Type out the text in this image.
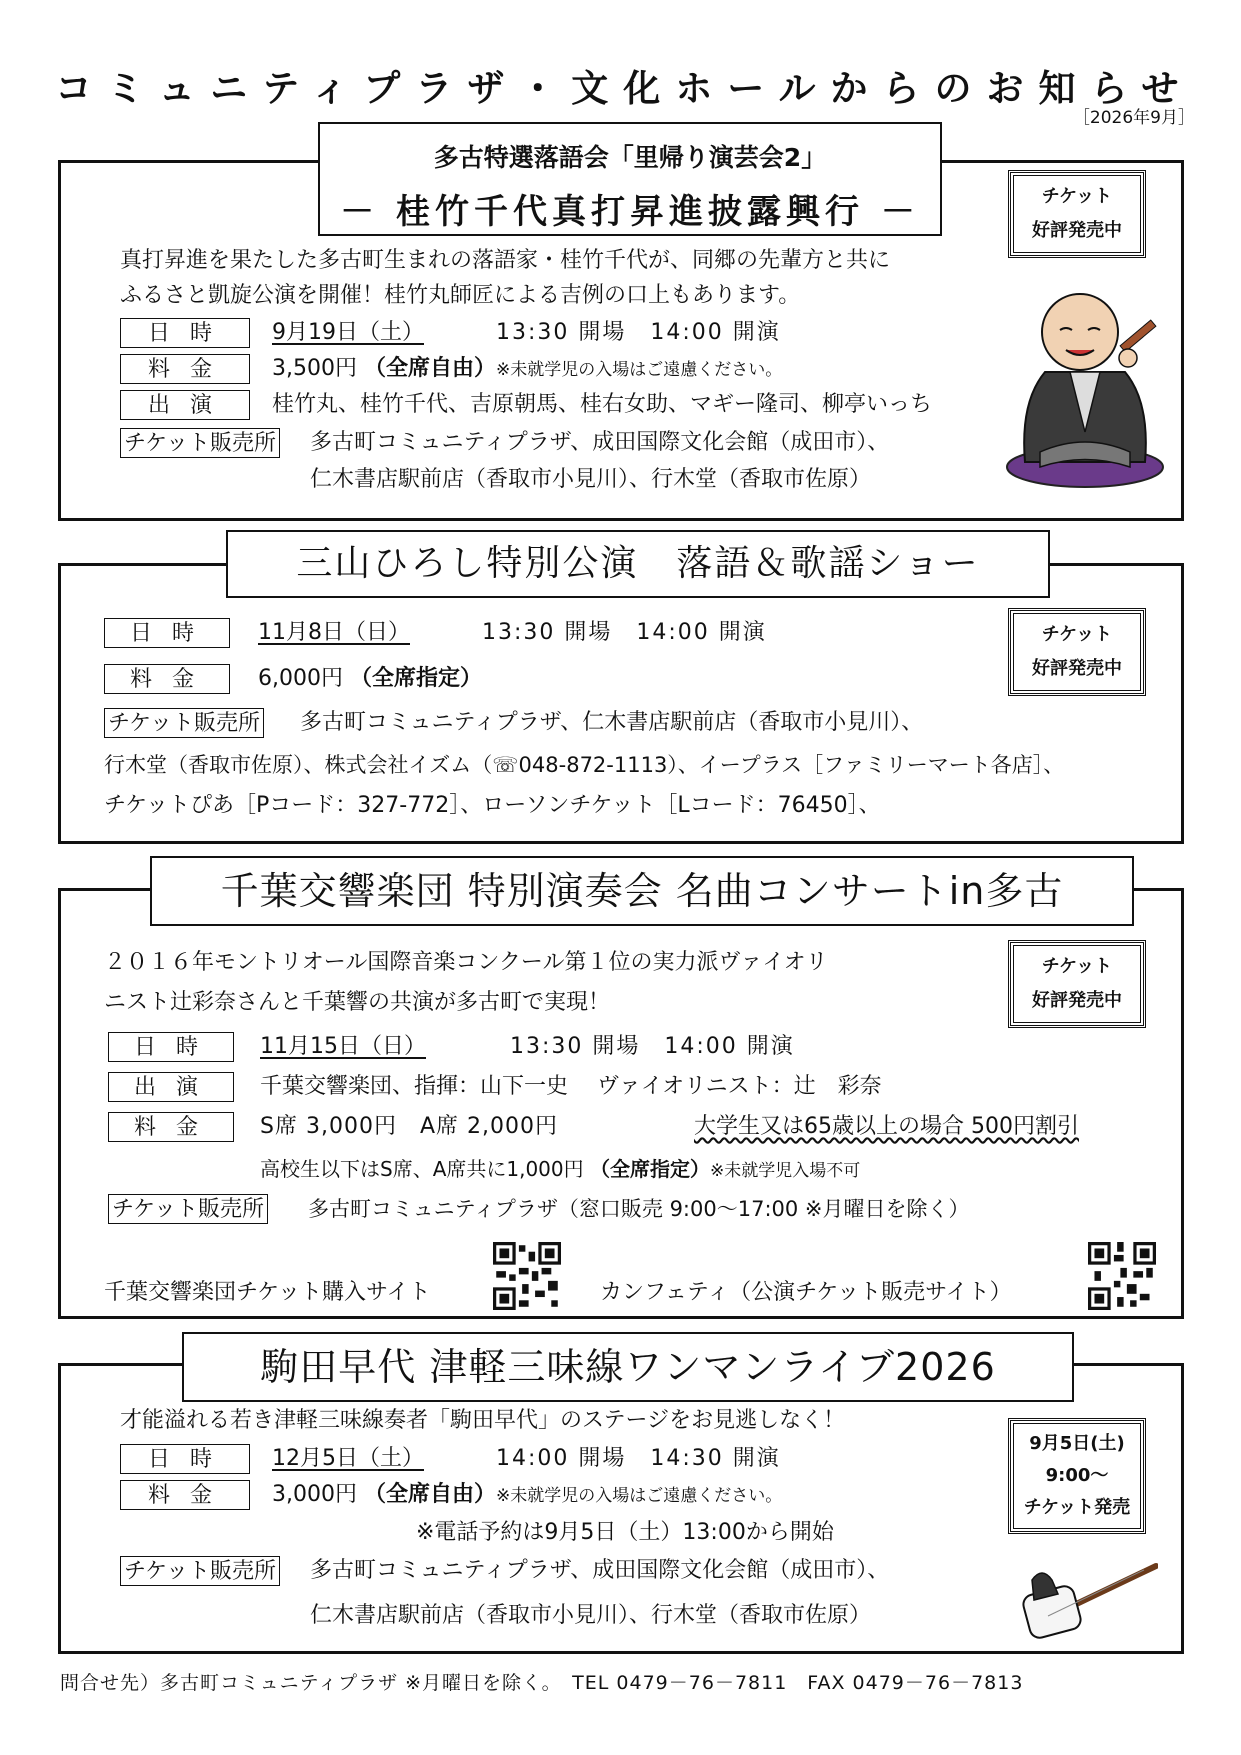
コミュニティプラザ・文化ホールからのお知らせ
［2026年9月］
多古特選落語会「里帰り演芸会2」
－ 桂竹千代真打昇進披露興行 －	チケット
好評発売中
真打昇進を果たした多古町生まれの落語家・桂竹千代が、同郷の先輩方と共に
ふるさと凱旋公演を開催！桂竹丸師匠による吉例の口上もあります。
日時	9月19日（土）	13:30 開場　14:00 開演
料金	3,500円 （全席自由）※未就学児の入場はご遠慮ください。
出演	桂竹丸、桂竹千代、吉原朝馬、桂右女助、マギー隆司、柳亭いっち
チケット販売所 多古町コミュニティプラザ、成田国際文化会館（成田市）、
仁木書店駅前店（香取市小見川）、行木堂（香取市佐原）
三山ひろし特別公演　落語＆歌謡ショー
チケット
好評発売中
日時	11月8日（日）	13:30 開場　14:00 開演
料金	6,000円 （全席指定）
チケット販売所 多古町コミュニティプラザ、仁木書店駅前店（香取市小見川）、
行木堂（香取市佐原）、株式会社イズム（☏048-872-1113）、イープラス［ファミリーマート各店］、
チケットぴあ［Pコード：327-772］、ローソンチケット［Lコード：76450］、
千葉交響楽団 特別演奏会 名曲コンサートin多古
チケット
好評発売中
２０１６年モントリオール国際音楽コンクール第１位の実力派ヴァイオリ
ニスト辻彩奈さんと千葉響の共演が多古町で実現！
日時	11月15日（日）	13:30 開場　14:00 開演
出演	千葉交響楽団、指揮：山下一史　 ヴァイオリニスト：辻　彩奈
料金	S席 3,000円　A席 2,000円	大学生又は65歳以上の場合 500円割引
高校生以下はS席、A席共に1,000円 （全席指定）※未就学児入場不可
チケット販売所 多古町コミュニティプラザ（窓口販売 9:00～17:00 ※月曜日を除く）
千葉交響楽団チケット購入サイト	カンフェティ（公演チケット販売サイト）
駒田早代 津軽三味線ワンマンライブ2026
9月5日(土)
9:00～
チケット発売
才能溢れる若き津軽三味線奏者「駒田早代」のステージをお見逃しなく！
日時	12月5日（土）	14:00 開場　14:30 開演
料金	3,000円 （全席自由）※未就学児の入場はご遠慮ください。
※電話予約は9月5日（土）13:00から開始
チケット販売所 多古町コミュニティプラザ、成田国際文化会館（成田市）、
仁木書店駅前店（香取市小見川）、行木堂（香取市佐原）
問合せ先）多古町コミュニティプラザ ※月曜日を除く。　TEL 0479－76－7811　FAX 0479－76－7813
